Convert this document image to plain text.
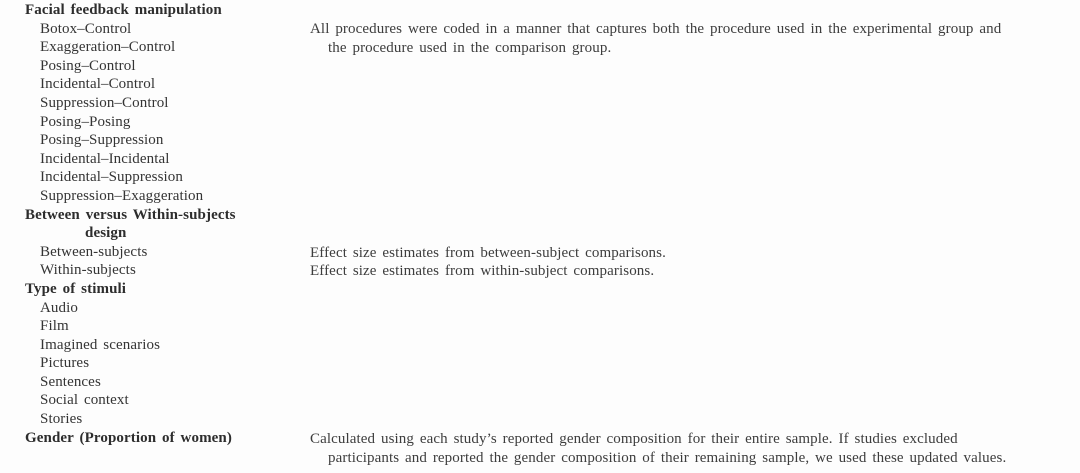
Facial feedback manipulation
Botox–Control
Exaggeration–Control
Posing–Control
Incidental–Control
Suppression–Control
Posing–Posing
Posing–Suppression
Incidental–Incidental
Incidental–Suppression
Suppression–Exaggeration
Between versus Within-subjects
design
Between-subjects
Within-subjects
Type of stimuli
Audio
Film
Imagined scenarios
Pictures
Sentences
Social context
Stories
Gender (Proportion of women)
All procedures were coded in a manner that captures both the procedure used in the experimental group and
the procedure used in the comparison group.
Effect size estimates from between-subject comparisons.
Effect size estimates from within-subject comparisons.
Calculated using each study’s reported gender composition for their entire sample. If studies excluded
participants and reported the gender composition of their remaining sample, we used these updated values.
